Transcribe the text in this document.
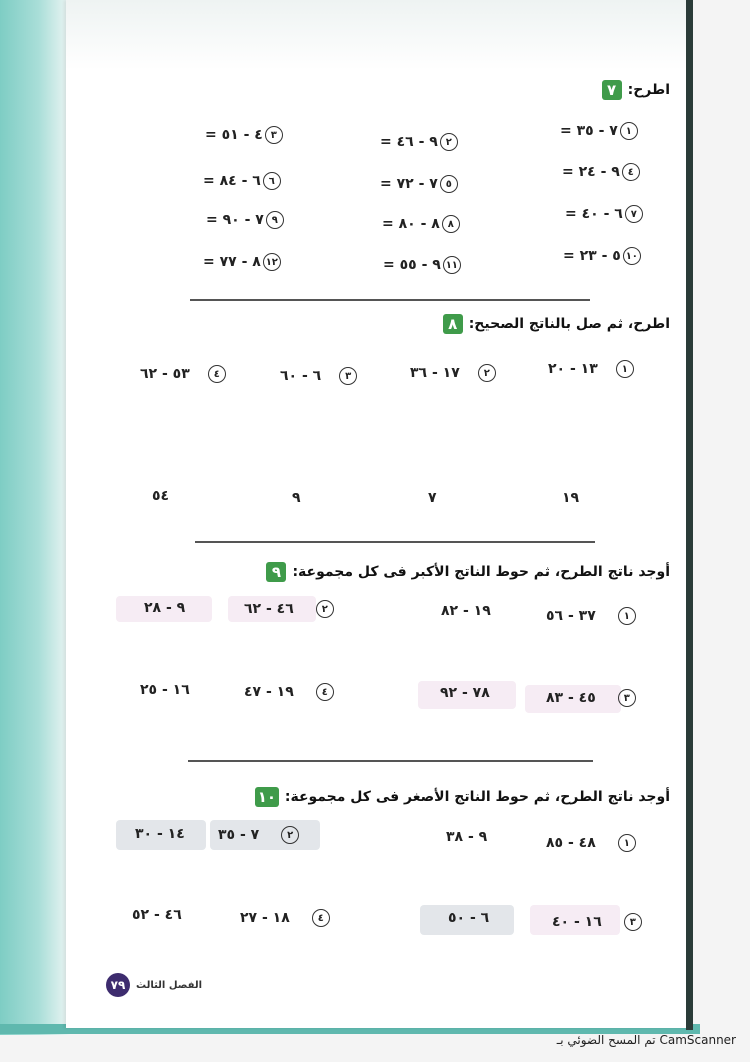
٧ اطرح:
١
٧ - ٣٥ =
٢
٩ - ٤٦ =
٣
٤ - ٥١ =
٤
٩ - ٢٤ =
٥
٧ - ٧٢ =
٦
٦ - ٨٤ =
٧
٦ - ٤٠ =
٨
٨ - ٨٠ =
٩
٧ - ٩٠ =
١٠
٥ - ٢٣ =
١١
٩ - ٥٥ =
١٢
٨ - ٧٧ =
٨ اطرح، ثم صل بالناتج الصحيح:
١
١٣ - ٢٠
٢
١٧ - ٣٦
٣
٦ - ٦٠
٤
٥٣ - ٦٢
١٩
٧
٩
٥٤
٩ أوجد ناتج الطرح، ثم حوط الناتج الأكبر فى كل مجموعة:
١
٣٧ - ٥٦
١٩ - ٨٢
٢
٤٦ - ٦٢
٩ - ٢٨
٣
٤٥ - ٨٣
٧٨ - ٩٢
٤
١٩ - ٤٧
١٦ - ٢٥
١٠ أوجد ناتج الطرح، ثم حوط الناتج الأصغر فى كل مجموعة:
١
٤٨ - ٨٥
٩ - ٣٨
٢
٧ - ٣٥
١٤ - ٣٠
٣
١٦ - ٤٠
٦ - ٥٠
٤
١٨ - ٢٧
٤٦ - ٥٢
٧٩	الفصل الثالث
تم المسح الضوئي بـ CamScanner
